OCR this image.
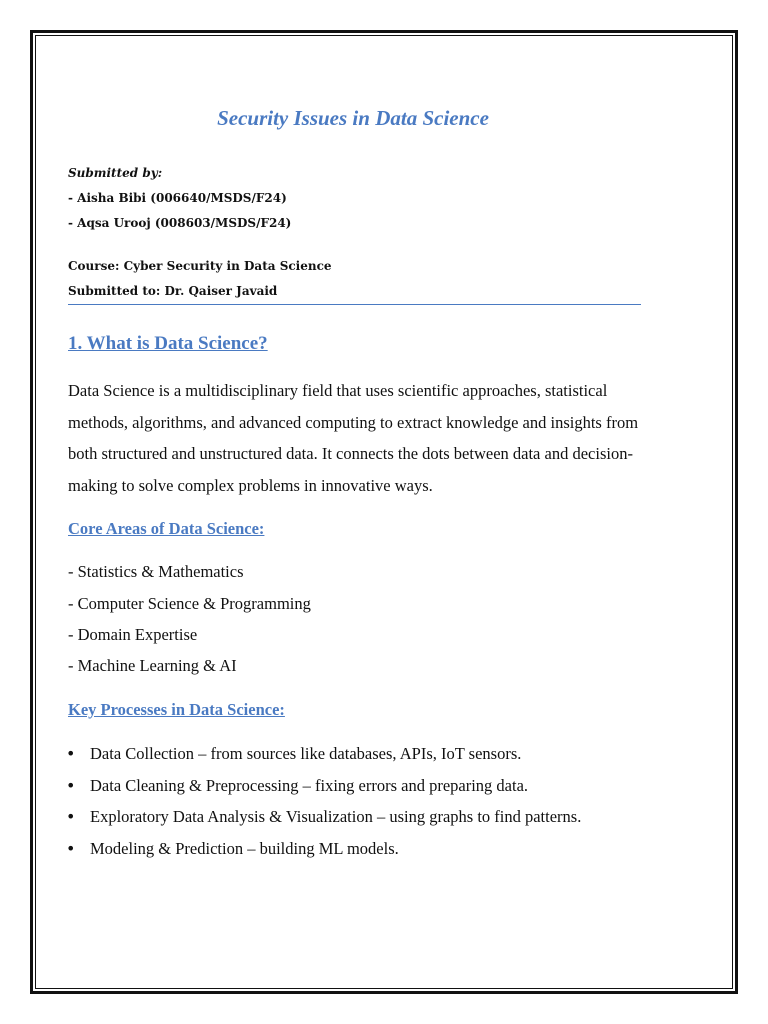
Security Issues in Data Science
Submitted by:
- Aisha Bibi (006640/MSDS/F24)
- Aqsa Urooj (008603/MSDS/F24)
Course: Cyber Security in Data Science
Submitted to: Dr. Qaiser Javaid
1. What is Data Science?
Data Science is a multidisciplinary field that uses scientific approaches, statistical
methods, algorithms, and advanced computing to extract knowledge and insights from
both structured and unstructured data. It connects the dots between data and decision-
making to solve complex problems in innovative ways.
Core Areas of Data Science:
- Statistics & Mathematics
- Computer Science & Programming
- Domain Expertise
- Machine Learning & AI
Key Processes in Data Science:
• Data Collection – from sources like databases, APIs, IoT sensors.
• Data Cleaning & Preprocessing – fixing errors and preparing data.
• Exploratory Data Analysis & Visualization – using graphs to find patterns.
• Modeling & Prediction – building ML models.
